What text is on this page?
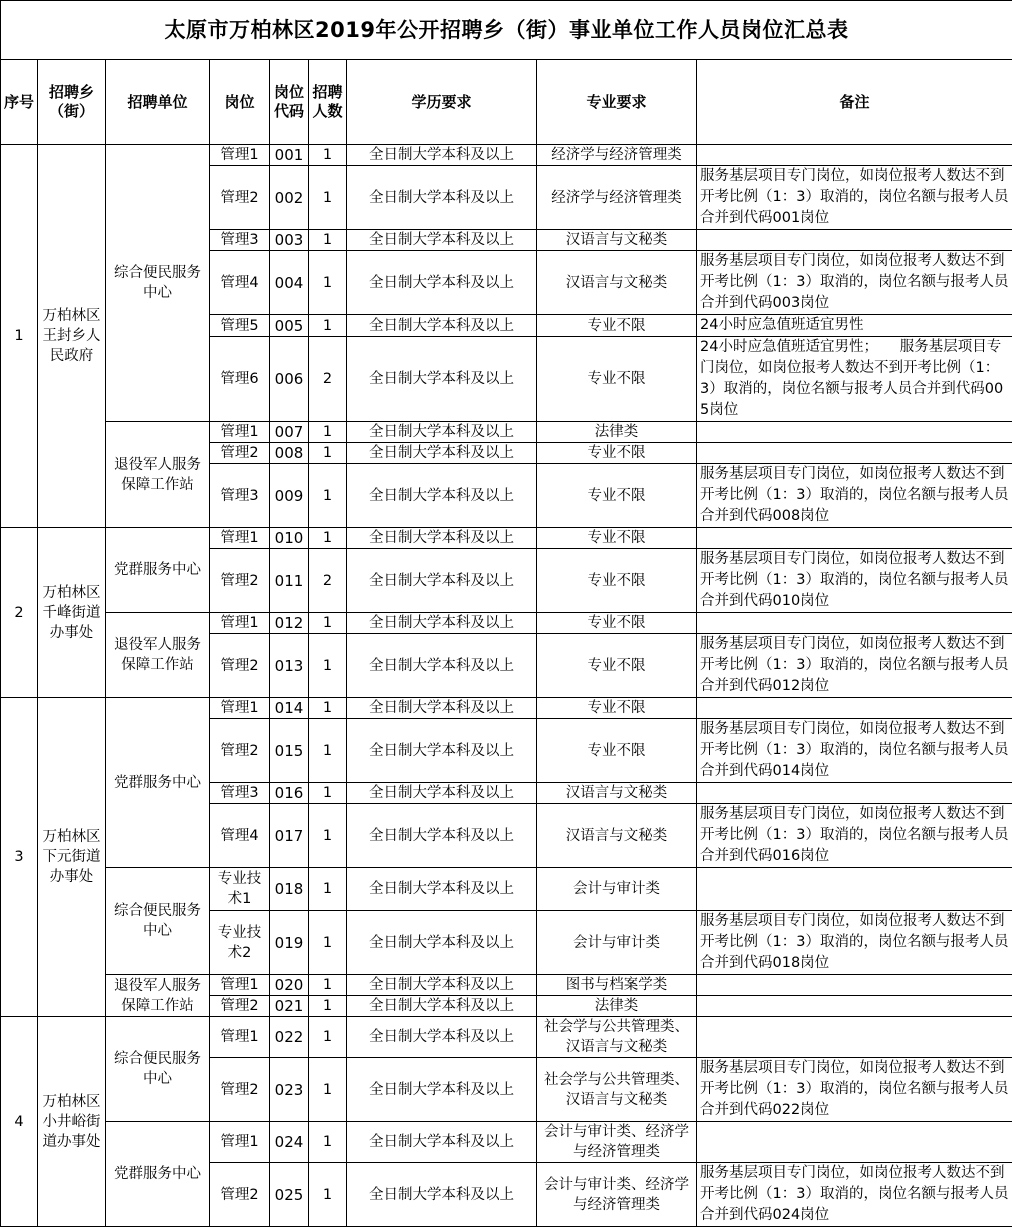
太原市万柏林区2019年公开招聘乡（街）事业单位工作人员岗位汇总表								
序号	招聘乡（街）	招聘单位	岗位	岗位代码	招聘人数	学历要求	专业要求	备注
1	万柏林区王封乡人民政府	综合便民服务中心	管理1	001	1	全日制大学本科及以上	经济学与经济管理类	
			管理2	002	1	全日制大学本科及以上	经济学与经济管理类	服务基层项目专门岗位，如岗位报考人数达不到开考比例（1：3）取消的，岗位名额与报考人员合并到代码001岗位
			管理3	003	1	全日制大学本科及以上	汉语言与文秘类	
			管理4	004	1	全日制大学本科及以上	汉语言与文秘类	服务基层项目专门岗位，如岗位报考人数达不到开考比例（1：3）取消的，岗位名额与报考人员合并到代码003岗位
			管理5	005	1	全日制大学本科及以上	专业不限	24小时应急值班适宜男性
			管理6	006	2	全日制大学本科及以上	专业不限	24小时应急值班适宜男性；　　服务基层项目专门岗位，如岗位报考人数达不到开考比例（1：3）取消的，岗位名额与报考人员合并到代码005岗位
		退役军人服务保障工作站	管理1	007	1	全日制大学本科及以上	法律类	
			管理2	008	1	全日制大学本科及以上	专业不限	
			管理3	009	1	全日制大学本科及以上	专业不限	服务基层项目专门岗位，如岗位报考人数达不到开考比例（1：3）取消的，岗位名额与报考人员合并到代码008岗位
2	万柏林区千峰街道办事处	党群服务中心	管理1	010	1	全日制大学本科及以上	专业不限	
			管理2	011	2	全日制大学本科及以上	专业不限	服务基层项目专门岗位，如岗位报考人数达不到开考比例（1：3）取消的，岗位名额与报考人员合并到代码010岗位
		退役军人服务保障工作站	管理1	012	1	全日制大学本科及以上	专业不限	
			管理2	013	1	全日制大学本科及以上	专业不限	服务基层项目专门岗位，如岗位报考人数达不到开考比例（1：3）取消的，岗位名额与报考人员合并到代码012岗位
3	万柏林区下元街道办事处	党群服务中心	管理1	014	1	全日制大学本科及以上	专业不限	
			管理2	015	1	全日制大学本科及以上	专业不限	服务基层项目专门岗位，如岗位报考人数达不到开考比例（1：3）取消的，岗位名额与报考人员合并到代码014岗位
			管理3	016	1	全日制大学本科及以上	汉语言与文秘类	
			管理4	017	1	全日制大学本科及以上	汉语言与文秘类	服务基层项目专门岗位，如岗位报考人数达不到开考比例（1：3）取消的，岗位名额与报考人员合并到代码016岗位
		综合便民服务中心	专业技术1	018	1	全日制大学本科及以上	会计与审计类	
			专业技术2	019	1	全日制大学本科及以上	会计与审计类	服务基层项目专门岗位，如岗位报考人数达不到开考比例（1：3）取消的，岗位名额与报考人员合并到代码018岗位
		退役军人服务保障工作站	管理1	020	1	全日制大学本科及以上	图书与档案学类	
			管理2	021	1	全日制大学本科及以上	法律类	
4	万柏林区小井峪街道办事处	综合便民服务中心	管理1	022	1	全日制大学本科及以上	社会学与公共管理类、汉语言与文秘类	
			管理2	023	1	全日制大学本科及以上	社会学与公共管理类、汉语言与文秘类	服务基层项目专门岗位，如岗位报考人数达不到开考比例（1：3）取消的，岗位名额与报考人员合并到代码022岗位
		党群服务中心	管理1	024	1	全日制大学本科及以上	会计与审计类、经济学与经济管理类	
			管理2	025	1	全日制大学本科及以上	会计与审计类、经济学与经济管理类	服务基层项目专门岗位，如岗位报考人数达不到开考比例（1：3）取消的，岗位名额与报考人员合并到代码024岗位
